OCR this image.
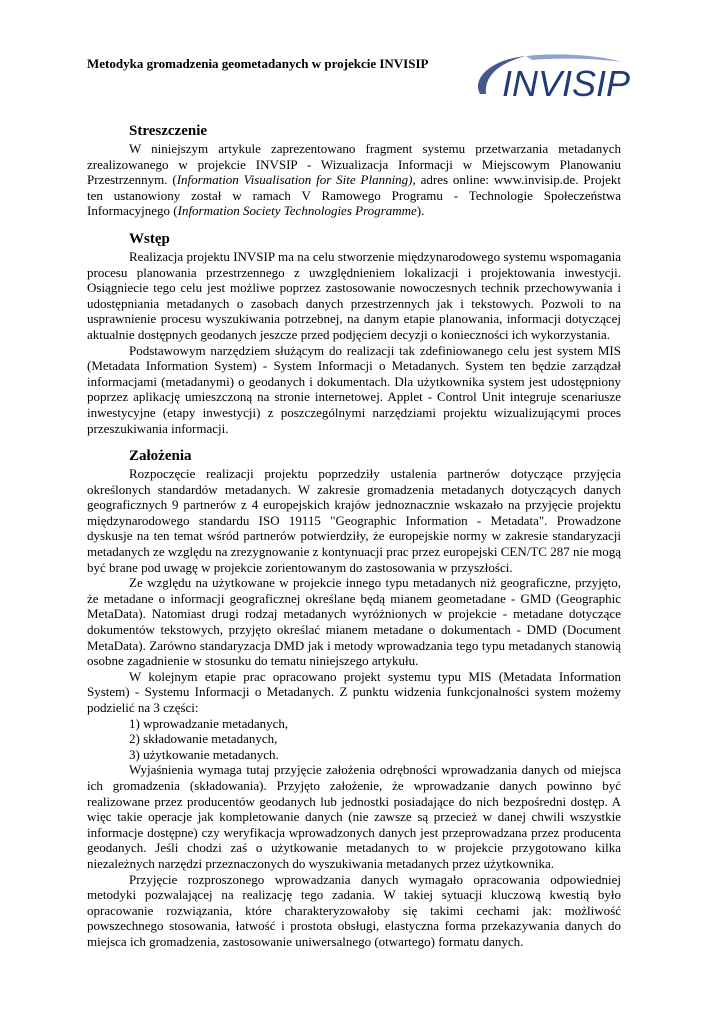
Metodyka gromadzenia geometadanych w projekcie INVISIP INVISIP
Streszczenie

W niniejszym artykule zaprezentowano fragment systemu przetwarzania metadanych zrealizowanego w projekcie INVSIP - Wizualizacja Informacji w Miejscowym Planowaniu Przestrzennym. (Information Visualisation for Site Planning), adres online: www.invisip.de. Projekt ten ustanowiony został w ramach V Ramowego Programu - Technologie Społeczeństwa Informacyjnego (Information Society Technologies Programme).

Wstęp

Realizacja projektu INVSIP ma na celu stworzenie międzynarodowego systemu wspomagania procesu planowania przestrzennego z uwzględnieniem lokalizacji i projektowania inwestycji. Osiągniecie tego celu jest możliwe poprzez zastosowanie nowoczesnych technik przechowywania i udostępniania metadanych o zasobach danych przestrzennych jak i tekstowych. Pozwoli to na usprawnienie procesu wyszukiwania potrzebnej, na danym etapie planowania, informacji dotyczącej aktualnie dostępnych geodanych jeszcze przed podjęciem decyzji o konieczności ich wykorzystania.

Podstawowym narzędziem służącym do realizacji tak zdefiniowanego celu jest system MIS (Metadata Information System) - System Informacji o Metadanych. System ten będzie zarządzał informacjami (metadanymi) o geodanych i dokumentach. Dla użytkownika system jest udostępniony poprzez aplikację umieszczoną na stronie internetowej. Applet - Control Unit integruje scenariusze inwestycyjne (etapy inwestycji) z poszczególnymi narzędziami projektu wizualizującymi proces przeszukiwania informacji.

Założenia

Rozpoczęcie realizacji projektu poprzedziły ustalenia partnerów dotyczące przyjęcia określonych standardów metadanych. W zakresie gromadzenia metadanych dotyczących danych geograficznych 9 partnerów z 4 europejskich krajów jednoznacznie wskazało na przyjęcie projektu międzynarodowego standardu ISO 19115 "Geographic Information - Metadata". Prowadzone dyskusje na ten temat wśród partnerów potwierdziły, że europejskie normy w zakresie standaryzacji metadanych ze względu na zrezygnowanie z kontynuacji prac przez europejski CEN/TC 287 nie mogą być brane pod uwagę w projekcie zorientowanym do zastosowania w przyszłości.

Ze względu na użytkowane w projekcie innego typu metadanych niż geograficzne, przyjęto, że metadane o informacji geograficznej określane będą mianem geometadane - GMD (Geographic MetaData). Natomiast drugi rodzaj metadanych wyróżnionych w projekcie - metadane dotyczące dokumentów tekstowych, przyjęto określać mianem metadane o dokumentach - DMD (Document MetaData). Zarówno standaryzacja DMD jak i metody wprowadzania tego typu metadanych stanowią osobne zagadnienie w stosunku do tematu niniejszego artykułu.

W kolejnym etapie prac opracowano projekt systemu typu MIS (Metadata Information System) - Systemu Informacji o Metadanych. Z punktu widzenia funkcjonalności system możemy podzielić na 3 części:

1) wprowadzanie metadanych,
2) składowanie metadanych,
3) użytkowanie metadanych.

Wyjaśnienia wymaga tutaj przyjęcie założenia odrębności wprowadzania danych od miejsca ich gromadzenia (składowania). Przyjęto założenie, że wprowadzanie danych powinno być realizowane przez producentów geodanych lub jednostki posiadające do nich bezpośredni dostęp. A więc takie operacje jak kompletowanie danych (nie zawsze są przecież w danej chwili wszystkie informacje dostępne) czy weryfikacja wprowadzonych danych jest przeprowadzana przez producenta geodanych. Jeśli chodzi zaś o użytkowanie metadanych to w projekcie przygotowano kilka niezależnych narzędzi przeznaczonych do wyszukiwania metadanych przez użytkownika.

Przyjęcie rozproszonego wprowadzania danych wymagało opracowania odpowiedniej metodyki pozwalającej na realizację tego zadania. W takiej sytuacji kluczową kwestią było opracowanie rozwiązania, które charakteryzowałoby się takimi cechami jak: możliwość powszechnego stosowania, łatwość i prostota obsługi, elastyczna forma przekazywania danych do miejsca ich gromadzenia, zastosowanie uniwersalnego (otwartego) formatu danych.
